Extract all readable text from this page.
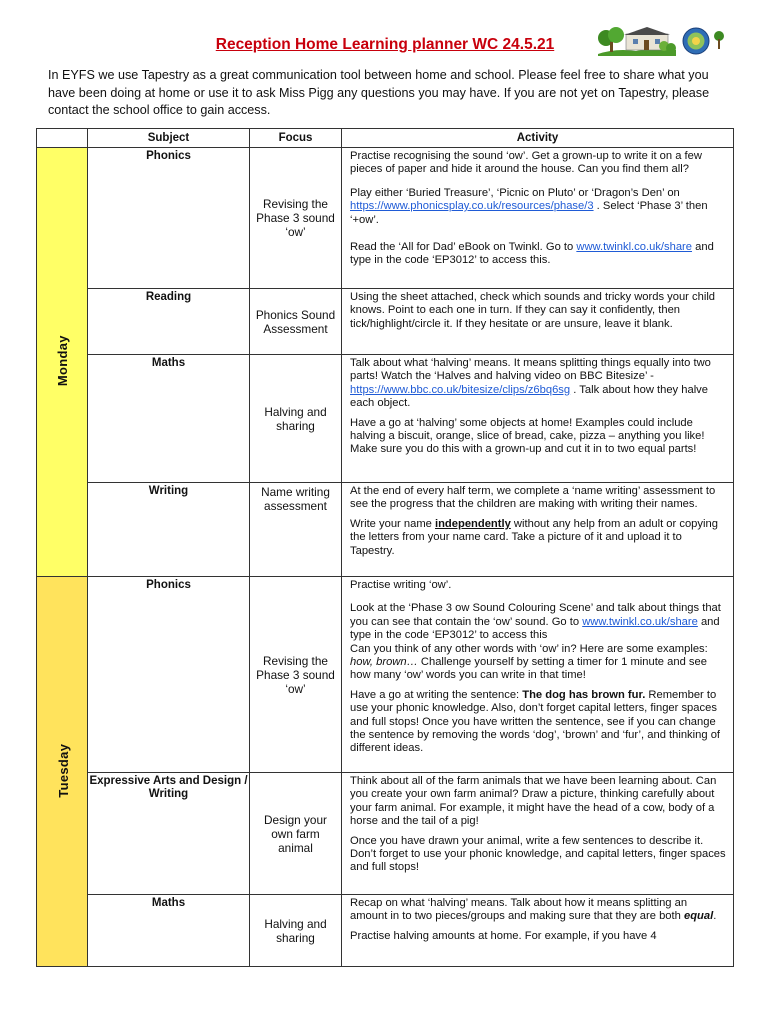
Reception Home Learning planner WC 24.5.21

In EYFS we use Tapestry as a great communication tool between home and school. Please feel free to share what you have been doing at home or use it to ask Miss Pigg any questions you may have. If you are not yet on Tapestry, please contact the school office to gain access.

	Subject	Focus	Activity
Monday	Phonics	Revising the Phase 3 sound ‘ow’	Practise recognising the sound ‘ow’. Get a grown-up to write it on a few pieces of paper and hide it around the house. Can you find them all?

Play either ‘Buried Treasure’, ‘Picnic on Pluto’ or ‘Dragon’s Den’ on https://www.phonicsplay.co.uk/resources/phase/3 . Select ‘Phase 3’ then ‘+ow’.

Read the ‘All for Dad’ eBook on Twinkl. Go to www.twinkl.co.uk/share and type in the code ‘EP3012’ to access this.

	Reading	Phonics Sound Assessment	Using the sheet attached, check which sounds and tricky words your child knows. Point to each one in turn. If they can say it confidently, then tick/highlight/circle it. If they hesitate or are unsure, leave it blank.

	Maths	Halving and sharing	Talk about what ‘halving’ means. It means splitting things equally into two parts! Watch the ‘Halves and halving video on BBC Bitesize’ - https://www.bbc.co.uk/bitesize/clips/z6bq6sg . Talk about how they halve each object.

Have a go at ‘halving’ some objects at home! Examples could include halving a biscuit, orange, slice of bread, cake, pizza – anything you like! Make sure you do this with a grown-up and cut it in to two equal parts!

	Writing	Name writing assessment	At the end of every half term, we complete a ‘name writing’ assessment to see the progress that the children are making with writing their names.

Write your name independently without any help from an adult or copying the letters from your name card. Take a picture of it and upload it to Tapestry.

Tuesday	Phonics	Revising the Phase 3 sound ‘ow’	Practise writing ‘ow’.

Look at the ‘Phase 3 ow Sound Colouring Scene’ and talk about things that you can see that contain the ‘ow’ sound. Go to www.twinkl.co.uk/share and type in the code ‘EP3012’ to access this
Can you think of any other words with ‘ow’ in? Here are some examples: how, brown… Challenge yourself by setting a timer for 1 minute and see how many ‘ow’ words you can write in that time!

Have a go at writing the sentence: The dog has brown fur. Remember to use your phonic knowledge. Also, don’t forget capital letters, finger spaces and full stops! Once you have written the sentence, see if you can change the sentence by removing the words ‘dog’, ‘brown’ and ‘fur’, and thinking of different ideas.

	Expressive Arts and Design / Writing	Design your own farm animal	Think about all of the farm animals that we have been learning about. Can you create your own farm animal? Draw a picture, thinking carefully about your farm animal. For example, it might have the head of a cow, body of a horse and the tail of a pig!

Once you have drawn your animal, write a few sentences to describe it. Don’t forget to use your phonic knowledge, and capital letters, finger spaces and full stops!

	Maths	Halving and sharing	Recap on what ‘halving’ means. Talk about how it means splitting an amount in to two pieces/groups and making sure that they are both equal.

Practise halving amounts at home. For example, if you have 4
